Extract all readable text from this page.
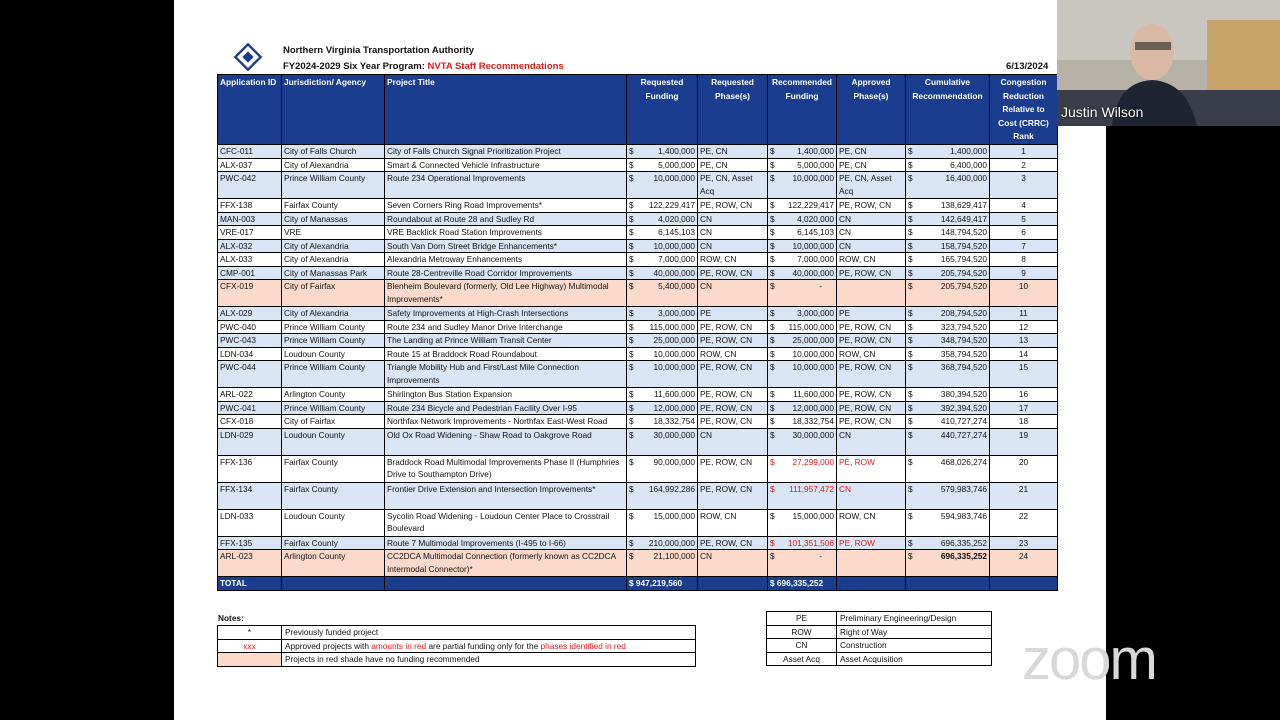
Northern Virginia Transportation Authority
FY2024-2029 Six Year Program: NVTA Staff Recommendations	6/13/2024
Application ID	Jurisdiction/ Agency	Project Title	Requested Funding	Requested Phase(s)	Recommended Funding	Approved Phase(s)	Cumulative Recommendation	Congestion Reduction Relative to Cost (CRRC) Rank
CFC-011	City of Falls Church	City of Falls Church Signal Prioritization Project	$ 1,400,000	PE, CN	$ 1,400,000	PE, CN	$ 1,400,000	1
ALX-037	City of Alexandria	Smart & Connected Vehicle Infrastructure	$ 5,000,000	PE, CN	$ 5,000,000	PE, CN	$ 6,400,000	2
PWC-042	Prince William County	Route 234 Operational Improvements	$ 10,000,000	PE, CN, Asset Acq	$ 10,000,000	PE, CN, Asset Acq	$ 16,400,000	3
FFX-138	Fairfax County	Seven Corners Ring Road Improvements*	$ 122,229,417	PE, ROW, CN	$ 122,229,417	PE, ROW, CN	$ 138,629,417	4
MAN-003	City of Manassas	Roundabout at Route 28 and Sudley Rd	$ 4,020,000	CN	$ 4,020,000	CN	$ 142,649,417	5
VRE-017	VRE	VRE Backlick Road Station Improvements	$ 6,145,103	CN	$ 6,145,103	CN	$ 148,794,520	6
ALX-032	City of Alexandria	South Van Dorn Street Bridge Enhancements*	$ 10,000,000	CN	$ 10,000,000	CN	$ 158,794,520	7
ALX-033	City of Alexandria	Alexandria Metroway Enhancements	$ 7,000,000	ROW, CN	$ 7,000,000	ROW, CN	$ 165,794,520	8
CMP-001	City of Manassas Park	Route 28-Centreville Road Corridor Improvements	$ 40,000,000	PE, ROW, CN	$ 40,000,000	PE, ROW, CN	$ 205,794,520	9
CFX-019	City of Fairfax	Blenheim Boulevard (formerly, Old Lee Highway) Multimodal Improvements*	$ 5,400,000	CN	$ -		$ 205,794,520	10
ALX-029	City of Alexandria	Safety Improvements at High-Crash Intersections	$ 3,000,000	PE	$ 3,000,000	PE	$ 208,794,520	11
PWC-040	Prince William County	Route 234 and Sudley Manor Drive Interchange	$ 115,000,000	PE, ROW, CN	$ 115,000,000	PE, ROW, CN	$ 323,794,520	12
PWC-043	Prince William County	The Landing at Prince William Transit Center	$ 25,000,000	PE, ROW, CN	$ 25,000,000	PE, ROW, CN	$ 348,794,520	13
LDN-034	Loudoun County	Route 15 at Braddock Road Roundabout	$ 10,000,000	ROW, CN	$ 10,000,000	ROW, CN	$ 358,794,520	14
PWC-044	Prince William County	Triangle Mobility Hub and First/Last Mile Connection Improvements	$ 10,000,000	PE, ROW, CN	$ 10,000,000	PE, ROW, CN	$ 368,794,520	15
ARL-022	Arlington County	Shirlington Bus Station Expansion	$ 11,600,000	PE, ROW, CN	$ 11,600,000	PE, ROW, CN	$ 380,394,520	16
PWC-041	Prince William County	Route 234 Bicycle and Pedestrian Facility Over I-95	$ 12,000,000	PE, ROW, CN	$ 12,000,000	PE, ROW, CN	$ 392,394,520	17
CFX-018	City of Fairfax	Northfax Network Improvements - Northfax East-West Road	$ 18,332,754	PE, ROW, CN	$ 18,332,754	PE, ROW, CN	$ 410,727,274	18
LDN-029	Loudoun County	Old Ox Road Widening - Shaw Road to Oakgrove Road	$ 30,000,000	CN	$ 30,000,000	CN	$ 440,727,274	19
FFX-136	Fairfax County	Braddock Road Multimodal Improvements Phase II (Humphries Drive to Southampton Drive)	$ 90,000,000	PE, ROW, CN	$ 27,299,000	PE, ROW	$ 468,026,274	20
FFX-134	Fairfax County	Frontier Drive Extension and Intersection Improvements*	$ 164,992,286	PE, ROW, CN	$ 111,957,472	CN	$ 579,983,746	21
LDN-033	Loudoun County	Sycolin Road Widening - Loudoun Center Place to Crosstrail Boulevard	$ 15,000,000	ROW, CN	$ 15,000,000	ROW, CN	$ 594,983,746	22
FFX-135	Fairfax County	Route 7 Multimodal Improvements (I-495 to I-66)	$ 210,000,000	PE, ROW, CN	$ 101,351,506	PE, ROW	$ 696,335,252	23
ARL-023	Arlington County	CC2DCA Multimodal Connection (formerly known as CC2DCA Intermodal Connector)*	$ 21,100,000	CN	$ -		$ 696,335,252	24
TOTAL			$ 947,219,560		$ 696,335,252			
Notes:
*	Previously funded project
xxx	Approved projects with amounts in red are partial funding only for the phases identified in red
	Projects in red shade have no funding recommended
PE	Preliminary Engineering/Design
ROW	Right of Way
CN	Construction
Asset Acq	Asset Acquisition
Justin Wilson
zoom
